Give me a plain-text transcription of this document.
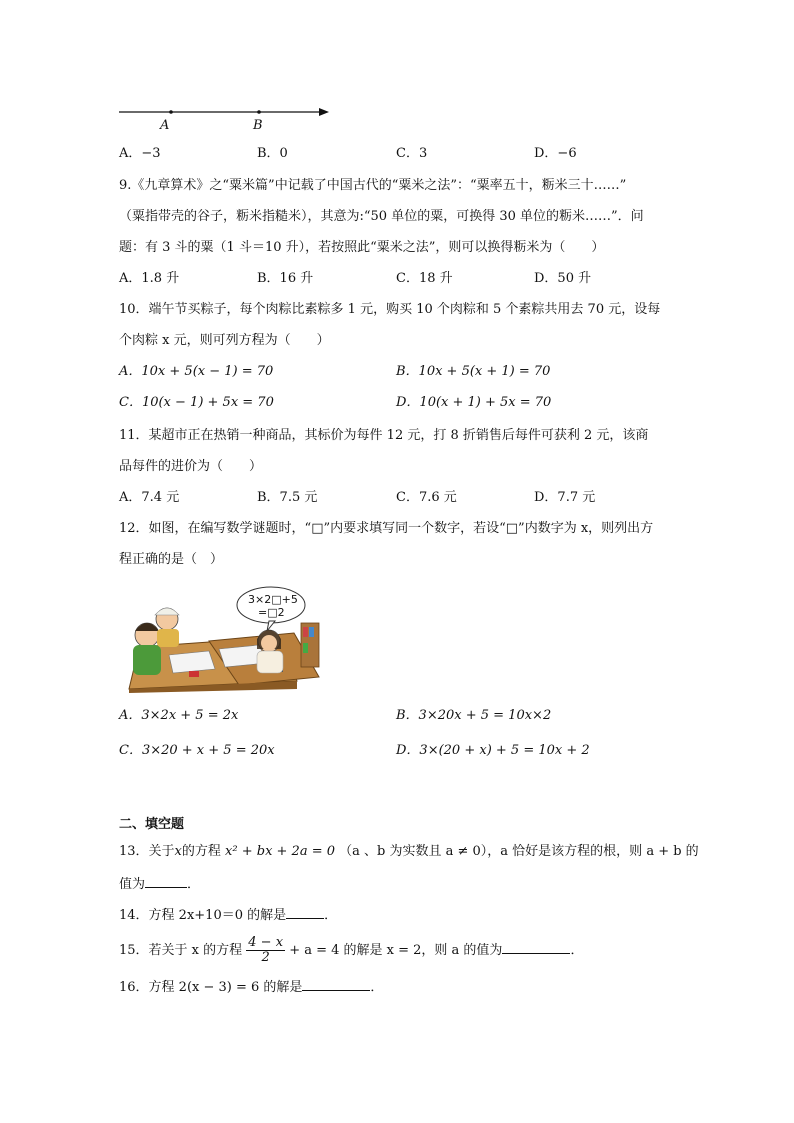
A	B
A．−3	B．0	C．3	D．−6
9.《九章算术》之“粟米篇”中记载了中国古代的“粟米之法”：“粟率五十，粝米三十……”
（粟指带壳的谷子，粝米指糙米），其意为:“50 单位的粟，可换得 30 单位的粝米……”．问
题：有 3 斗的粟（1 斗＝10 升），若按照此“粟米之法”，则可以换得粝米为（　　）
A．1.8 升	B．16 升	C．18 升	D．50 升
10．端午节买粽子，每个肉粽比素粽多 1 元，购买 10 个肉粽和 5 个素粽共用去 70 元，设每
个肉粽 x 元，则可列方程为（　　）
A．10x + 5(x − 1) = 70	B．10x + 5(x + 1) = 70
C．10(x − 1) + 5x = 70	D．10(x + 1) + 5x = 70
11．某超市正在热销一种商品，其标价为每件 12 元，打 8 折销售后每件可获利 2 元，该商
品每件的进价为（　　）
A．7.4 元	B．7.5 元	C．7.6 元	D．7.7 元
12．如图，在编写数学谜题时，“□”内要求填写同一个数字，若设“□”内数字为 x，则列出方
程正确的是（　）
3×2□+5
=□2
A．3×2x + 5 = 2x	B．3×20x + 5 = 10x×2
C．3×20 + x + 5 = 20x	D．3×(20 + x) + 5 = 10x + 2
二、填空题
13．关于x的方程 x² + bx + 2a = 0 （a 、b 为实数且 a ≠ 0），a 恰好是该方程的根，则 a + b 的
值为	．
14．方程 2x+10＝0 的解是	．
15．若关于 x 的方程 $\frac{4 - x}{2} + a = 4$ 的解是 x = 2，则 a 的值为	．
16．方程 2(x − 3) = 6 的解是	．
